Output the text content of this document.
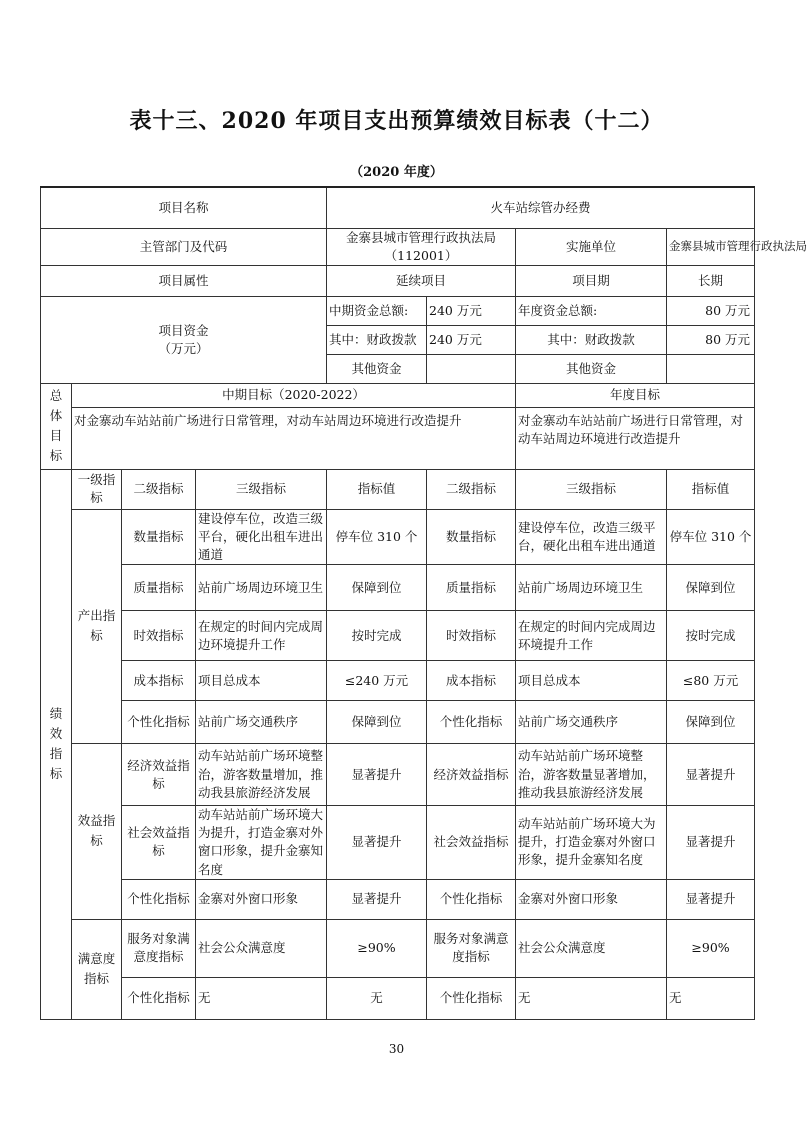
表十三、2020 年项目支出预算绩效目标表（十二）
（2020 年度）
项目名称				火车站综管办经费			
主管部门及代码				金寨县城市管理行政执法局（112001）		实施单位	金寨县城市管理行政执法局
项目属性				延续项目		项目期	长期

项目资金
（万元）				中期资金总额:	240 万元	年度资金总额:	80 万元
				其中：财政拨款	240 万元	其中：财政拨款	80 万元
				其他资金		其他资金	
总体目标	中期目标（2020-2022）					年度目标	
	对金寨动车站站前广场进行日常管理，对动车站周边环境进行改造提升					对金寨动车站站前广场进行日常管理，对动车站周边环境进行改造提升	
绩效指标	一级指标	二级指标	三级指标	指标值	二级指标	三级指标	指标值
	产出指标	数量指标	建设停车位，改造三级平台，硬化出租车进出通道	停车位 310 个	数量指标	建设停车位，改造三级平台，硬化出租车进出通道	停车位 310 个
		质量指标	站前广场周边环境卫生	保障到位	质量指标	站前广场周边环境卫生	保障到位
		时效指标	在规定的时间内完成周边环境提升工作	按时完成	时效指标	在规定的时间内完成周边环境提升工作	按时完成
		成本指标	项目总成本	≤240 万元	成本指标	项目总成本	≤80 万元
		个性化指标	站前广场交通秩序	保障到位	个性化指标	站前广场交通秩序	保障到位
	效益指标	经济效益指标	动车站站前广场环境整治，游客数量增加，推动我县旅游经济发展	显著提升	经济效益指标	动车站站前广场环境整治，游客数量显著增加，推动我县旅游经济发展	显著提升
		社会效益指标	动车站站前广场环境大为提升，打造金寨对外窗口形象，提升金寨知名度	显著提升	社会效益指标	动车站站前广场环境大为提升，打造金寨对外窗口形象，提升金寨知名度	显著提升
		个性化指标	金寨对外窗口形象	显著提升	个性化指标	金寨对外窗口形象	显著提升
	满意度指标	服务对象满意度指标	社会公众满意度	≥90%	服务对象满意度指标	社会公众满意度	≥90%
		个性化指标	无	无	个性化指标	无	无
30
